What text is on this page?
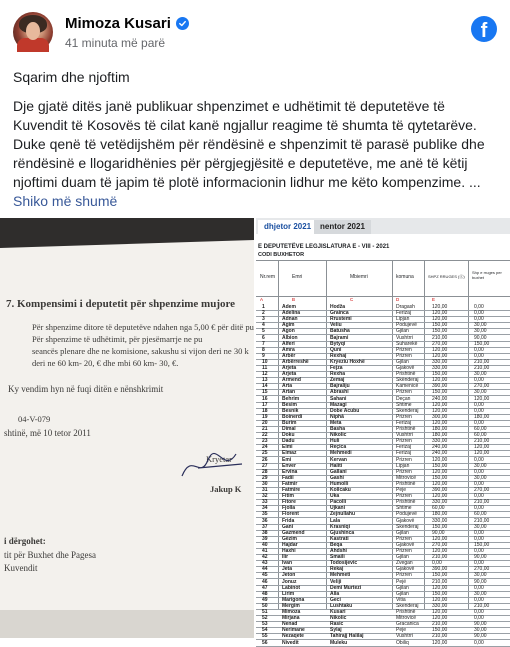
Mimoza Kusari
41 minuta më parë
f

Sqarim dhe njoftim

Dje gjatë ditës janë publikuar shpenzimet e udhëtimit të deputetëve të Kuvendit të Kosovës të cilat kanë ngjallur reagime të shumta të qytetarëve. Duke qenë të vetëdijshëm për rëndësinë e shpenzimit të parasë publike dhe rëndësinë e llogaridhënies për përgjegjësitë e deputetëve, me anë të këtij njoftimi duam të japim të plotë informacionin lidhur me këto kompenzime. ...

Shiko më shumë
7. Kompensimi i deputetit për shpenzime mujore
Për shpenzime ditore të deputetëve ndahen nga 5,00 € për ditë pu
Për shpenzime të udhëtimit, për pjesëmarrje ne pu
seancës plenare dhe ne komisione, sakushu si vijon deri ne 30 k
deri ne 60 km- 20, € dhe mbi 60 km- 30, €.
Ky vendim hyn në fuqi ditën e nënshkrimit
04-V-079
shtinë, më 10 tetor 2011
Kryetar
Jakup K
i dërgohet:
tit për Buxhet dhe Pagesa
Kuvendit
dhjetor 2021	nentor 2021
E DEPUTETËVE LEGJISLATURA E - VIII - 2021
CODI BUXHETOR
Nr.rem	Emri	Mbiemri	komuna	SHPZ RRUGES (Ⓔ)
Shp e rruges per buxhet
A	B	C	D	E
1	Adem	Hodža	Dragash	120,00	0,00
2	Adelina	Grainca	Ferizaj	120,00	0,00
3	Adnan	Rrustemi	Lipjan	120,00	0,00
4	Agim	Veliu	Podujevë	150,00	30,00
5	Agon	Batusha	Gjilan	150,00	30,00
6	Albion	Bajrami	Vushtrri	210,00	90,00
7	Alferi	Bytyqi	Suharekë	270,00	150,00
8	Amra	Quni	Prizren	120,00	0,00
9	Arbër	Rexhaj	Prizren	120,00	0,00
10	Arbërreshë	Kryeziu Hoxhë	Gjilan	330,00	210,00
11	Arjeta	Fejza	Gjakovë	330,00	210,00
12	Arjeta	Rexha	Prishtinë	150,00	30,00
13	Armend	Zemaj	Skënderaj	120,00	0,00
14	Arta	Bajraliju	Kamenicë	390,00	270,00
15	Artan	Abrashi	Prizren	150,00	30,00
16	Behrim	Sahani	Deçan	240,00	120,00
17	Besim	Mazagi	Shtime	120,00	0,00
18	Besnik	Dobe Acubu	Skenderaj	120,00	0,00
19	Boinerdi	Niphâ	Prizren	300,00	180,00
20	Burim	Meta	Ferizaj	120,00	0,00
21	Dimal	Basha	Prishtinë	180,00	60,00
22	Doku	Nikolic	Vushtrri	180,00	60,00
23	Dadu	Huli	Prizren	330,00	210,00
24	Elmi	Reçica	Ferizaj	240,00	120,00
25	Elmaz	Mehmedi	Ferizaj	240,00	120,00
26	Emi	Kervan	Prizren	120,00	0,00
27	Enver	Haliti	Lipjan	150,00	30,00
28	Ervina	Gallani	Prizren	120,00	0,00
29	Fadil	Gashi	Mitrovicë	150,00	30,00
30	Fatmir	Humolli	Prishtinë	120,00	0,00
31	Fatmire	Kollcaku	Peje	390,00	270,00
32	Fitim	Uka	Prizren	120,00	0,00
33	Fitore	Pacolli	Prishtinë	330,00	210,00
34	Fjolla	Ujkani	Shtime	60,00	0,00
35	Florent	Zejnullahu	Podujevë	180,00	60,00
36	Frida	Lala	Gjakovë	330,00	210,00
37	Gani	Krasniqi	Skenderaj	150,00	30,00
38	Gazmend	Gjushinca	Gjilan	90,00	0,00
39	Gëzim	Kastrati	Prizren	120,00	0,00
40	Hajdar	Beqa	Gjakovë	270,00	150,00
41	Haxhi	Ahdshi	Prizren	120,00	0,00
42	Ilir	Smaili	Gjilan	210,00	90,00
43	Ivan	Todosijevic	Zvegan	0,00	0,00
44	Jeta	Rekaj	Gjakovë	390,00	270,00
45	Jeton	Mehmeti	Prizren	150,00	30,00
46	Jonuz	Veliji	Pejë	210,00	90,00
47	Labinot	Demi Murtezi	Gjilan	120,00	0,00
48	Lirim	Alla	Gjilan	150,00	30,00
49	Marigona	Geci	Vitia	120,00	0,00
50	Mergim	Lushtaku	Skenderaj	330,00	210,00
51	Mimoza	Kusari	Prishtinë	120,00	0,00
52	Mirjana	Nikolic	Mitrovicë	120,00	0,00
53	Nenad	Rasic	Gracanica	210,00	90,00
54	Nerimane	Sylaj	Peje	150,00	30,00
55	Nezaqete	Tahirajj Halilaj	Vushtrri	210,00	90,00
56	Nivedit	Muleku	Obiliq	120,00	0,00
